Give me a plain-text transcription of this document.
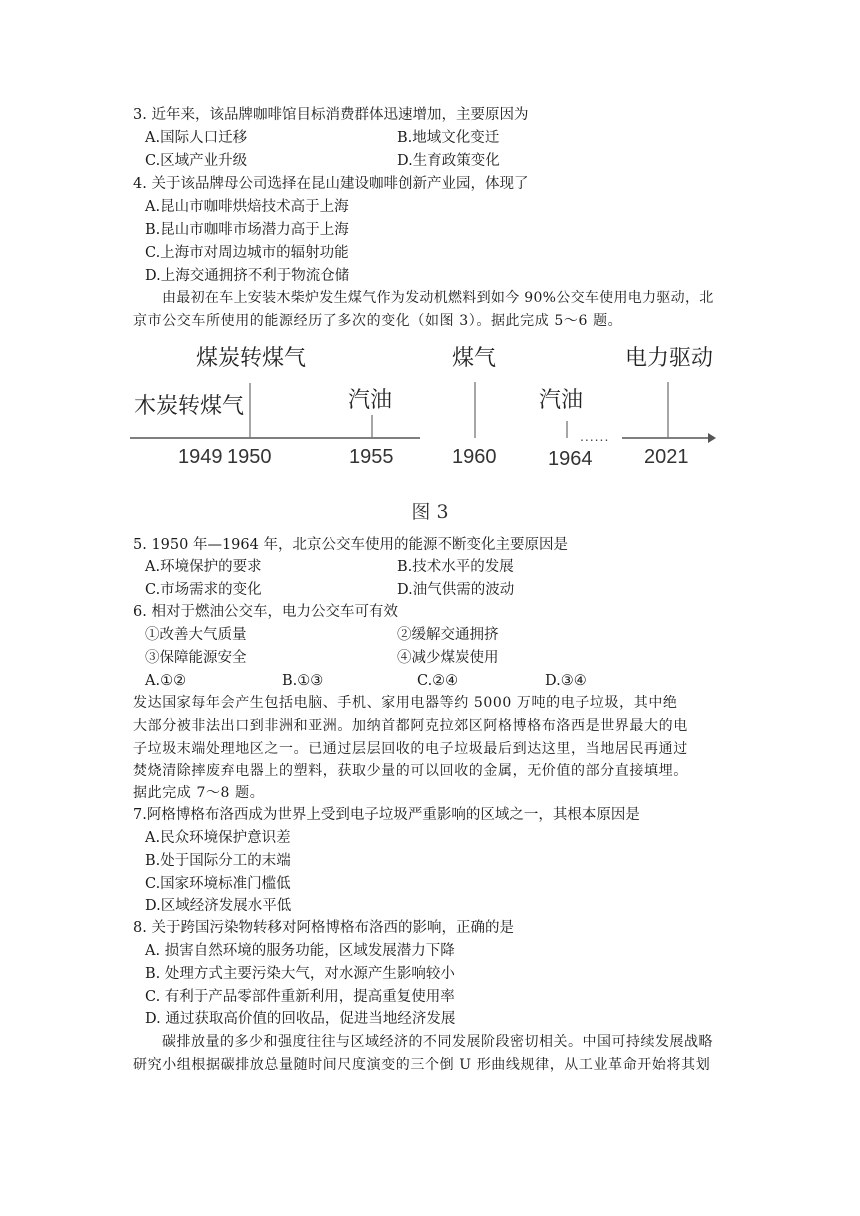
3. 近年来，该品牌咖啡馆目标消费群体迅速增加，主要原因为
A.国际人口迁移	B.地域文化变迁
C.区域产业升级	D.生育政策变化
4. 关于该品牌母公司选择在昆山建设咖啡创新产业园，体现了
A.昆山市咖啡烘焙技术高于上海
B.昆山市咖啡市场潜力高于上海
C.上海市对周边城市的辐射功能
D.上海交通拥挤不利于物流仓储
由最初在车上安装木柴炉发生煤气作为发动机燃料到如今 90%公交车使用电力驱动，北
京市公交车所使用的能源经历了多次的变化（如图 3）。据此完成 5～6 题。
木炭转煤气
煤炭转煤气
汽油
煤气
汽油
电力驱动
1949 1950	1955	1960	1964	2021
......
图 3
5. 1950 年—1964 年，北京公交车使用的能源不断变化主要原因是
A.环境保护的要求	B.技术水平的发展
C.市场需求的变化	D.油气供需的波动
6. 相对于燃油公交车，电力公交车可有效
①改善大气质量	②缓解交通拥挤
③保障能源安全	④减少煤炭使用
A.①②	B.①③	C.②④	D.③④
发达国家每年会产生包括电脑、手机、家用电器等约 5000 万吨的电子垃圾，其中绝
大部分被非法出口到非洲和亚洲。加纳首都阿克拉郊区阿格博格布洛西是世界最大的电
子垃圾末端处理地区之一。已通过层层回收的电子垃圾最后到达这里，当地居民再通过
焚烧清除摔废弃电器上的塑料，获取少量的可以回收的金属，无价值的部分直接填埋。
据此完成 7～8 题。
7.阿格博格布洛西成为世界上受到电子垃圾严重影响的区域之一，其根本原因是
A.民众环境保护意识差
B.处于国际分工的末端
C.国家环境标准门槛低
D.区域经济发展水平低
8. 关于跨国污染物转移对阿格博格布洛西的影响，正确的是
A. 损害自然环境的服务功能，区域发展潜力下降
B. 处理方式主要污染大气，对水源产生影响较小
C. 有利于产品零部件重新利用，提高重复使用率
D. 通过获取高价值的回收品，促进当地经济发展
碳排放量的多少和强度往往与区域经济的不同发展阶段密切相关。中国可持续发展战略
研究小组根据碳排放总量随时间尺度演变的三个倒 U 形曲线规律，从工业革命开始将其划
